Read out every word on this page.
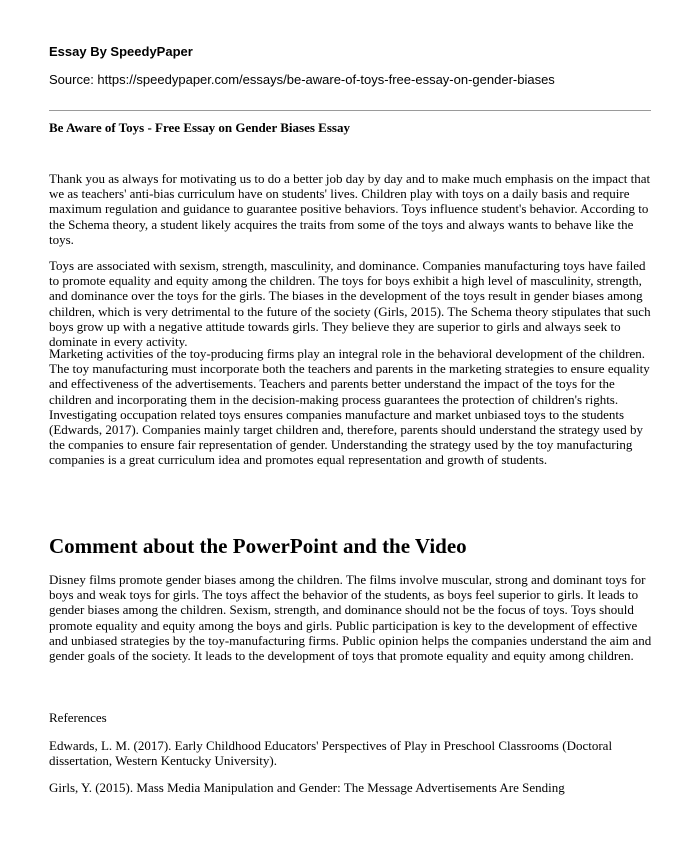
Essay By SpeedyPaper
Source: https://speedypaper.com/essays/be-aware-of-toys-free-essay-on-gender-biases
Be Aware of Toys - Free Essay on Gender Biases Essay

Thank you as always for motivating us to do a better job day by day and to make much emphasis on the impact that we as teachers' anti-bias curriculum have on students' lives. Children play with toys on a daily basis and require maximum regulation and guidance to guarantee positive behaviors. Toys influence student's behavior. According to the Schema theory, a student likely acquires the traits from some of the toys and always wants to behave like the toys.

Toys are associated with sexism, strength, masculinity, and dominance. Companies manufacturing toys have failed to promote equality and equity among the children. The toys for boys exhibit a high level of masculinity, strength, and dominance over the toys for the girls. The biases in the development of the toys result in gender biases among children, which is very detrimental to the future of the society (Girls, 2015). The Schema theory stipulates that such boys grow up with a negative attitude towards girls. They believe they are superior to girls and always seek to dominate in every activity.

Marketing activities of the toy-producing firms play an integral role in the behavioral development of the children. The toy manufacturing must incorporate both the teachers and parents in the marketing strategies to ensure equality and effectiveness of the advertisements. Teachers and parents better understand the impact of the toys for the children and incorporating them in the decision-making process guarantees the protection of children's rights. Investigating occupation related toys ensures companies manufacture and market unbiased toys to the students (Edwards, 2017). Companies mainly target children and, therefore, parents should understand the strategy used by the companies to ensure fair representation of gender. Understanding the strategy used by the toy manufacturing companies is a great curriculum idea and promotes equal representation and growth of students.

Comment about the PowerPoint and the Video

Disney films promote gender biases among the children. The films involve muscular, strong and dominant toys for boys and weak toys for girls. The toys affect the behavior of the students, as boys feel superior to girls. It leads to gender biases among the children. Sexism, strength, and dominance should not be the focus of toys. Toys should promote equality and equity among the boys and girls. Public participation is key to the development of effective and unbiased strategies by the toy-manufacturing firms. Public opinion helps the companies understand the aim and gender goals of the society. It leads to the development of toys that promote equality and equity among children.

References

Edwards, L. M. (2017). Early Childhood Educators' Perspectives of Play in Preschool Classrooms (Doctoral dissertation, Western Kentucky University).

Girls, Y. (2015). Mass Media Manipulation and Gender: The Message Advertisements Are Sending
